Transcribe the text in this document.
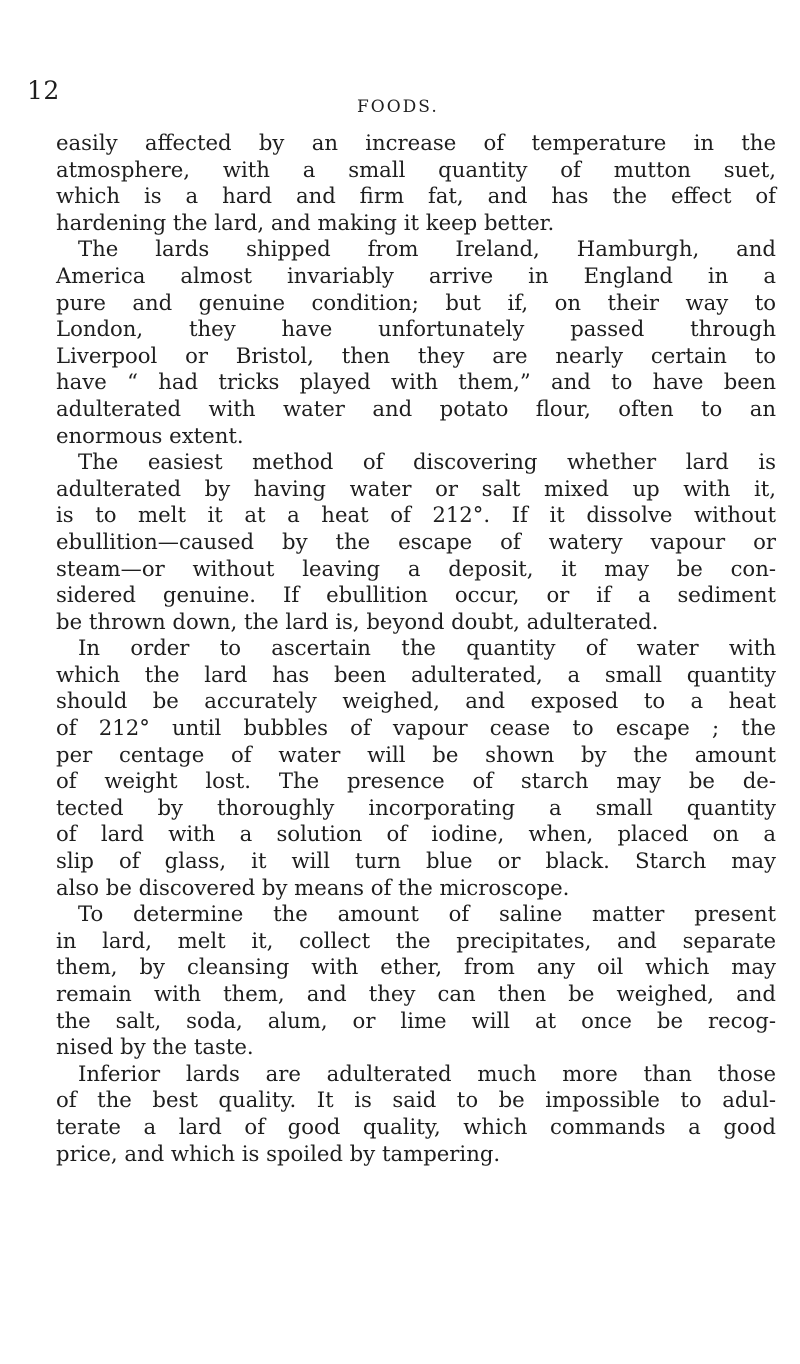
12
FOODS.
easily affected by an increase of temperature in the
atmosphere, with a small quantity of mutton suet,
which is a hard and firm fat, and has the effect of
hardening the lard, and making it keep better.
The lards shipped from Ireland, Hamburgh, and
America almost invariably arrive in England in a
pure and genuine condition; but if, on their way to
London, they have unfortunately passed through
Liverpool or Bristol, then they are nearly certain to
have “ had tricks played with them,” and to have been
adulterated with water and potato flour, often to an
enormous extent.
The easiest method of discovering whether lard is
adulterated by having water or salt mixed up with it,
is to melt it at a heat of 212°. If it dissolve without
ebullition—caused by the escape of watery vapour or
steam—or without leaving a deposit, it may be con-
sidered genuine. If ebullition occur, or if a sediment
be thrown down, the lard is, beyond doubt, adulterated.
In order to ascertain the quantity of water with
which the lard has been adulterated, a small quantity
should be accurately weighed, and exposed to a heat
of 212° until bubbles of vapour cease to escape ; the
per centage of water will be shown by the amount
of weight lost. The presence of starch may be de-
tected by thoroughly incorporating a small quantity
of lard with a solution of iodine, when, placed on a
slip of glass, it will turn blue or black. Starch may
also be discovered by means of the microscope.
To determine the amount of saline matter present
in lard, melt it, collect the precipitates, and separate
them, by cleansing with ether, from any oil which may
remain with them, and they can then be weighed, and
the salt, soda, alum, or lime will at once be recog-
nised by the taste.
Inferior lards are adulterated much more than those
of the best quality. It is said to be impossible to adul-
terate a lard of good quality, which commands a good
price, and which is spoiled by tampering.
